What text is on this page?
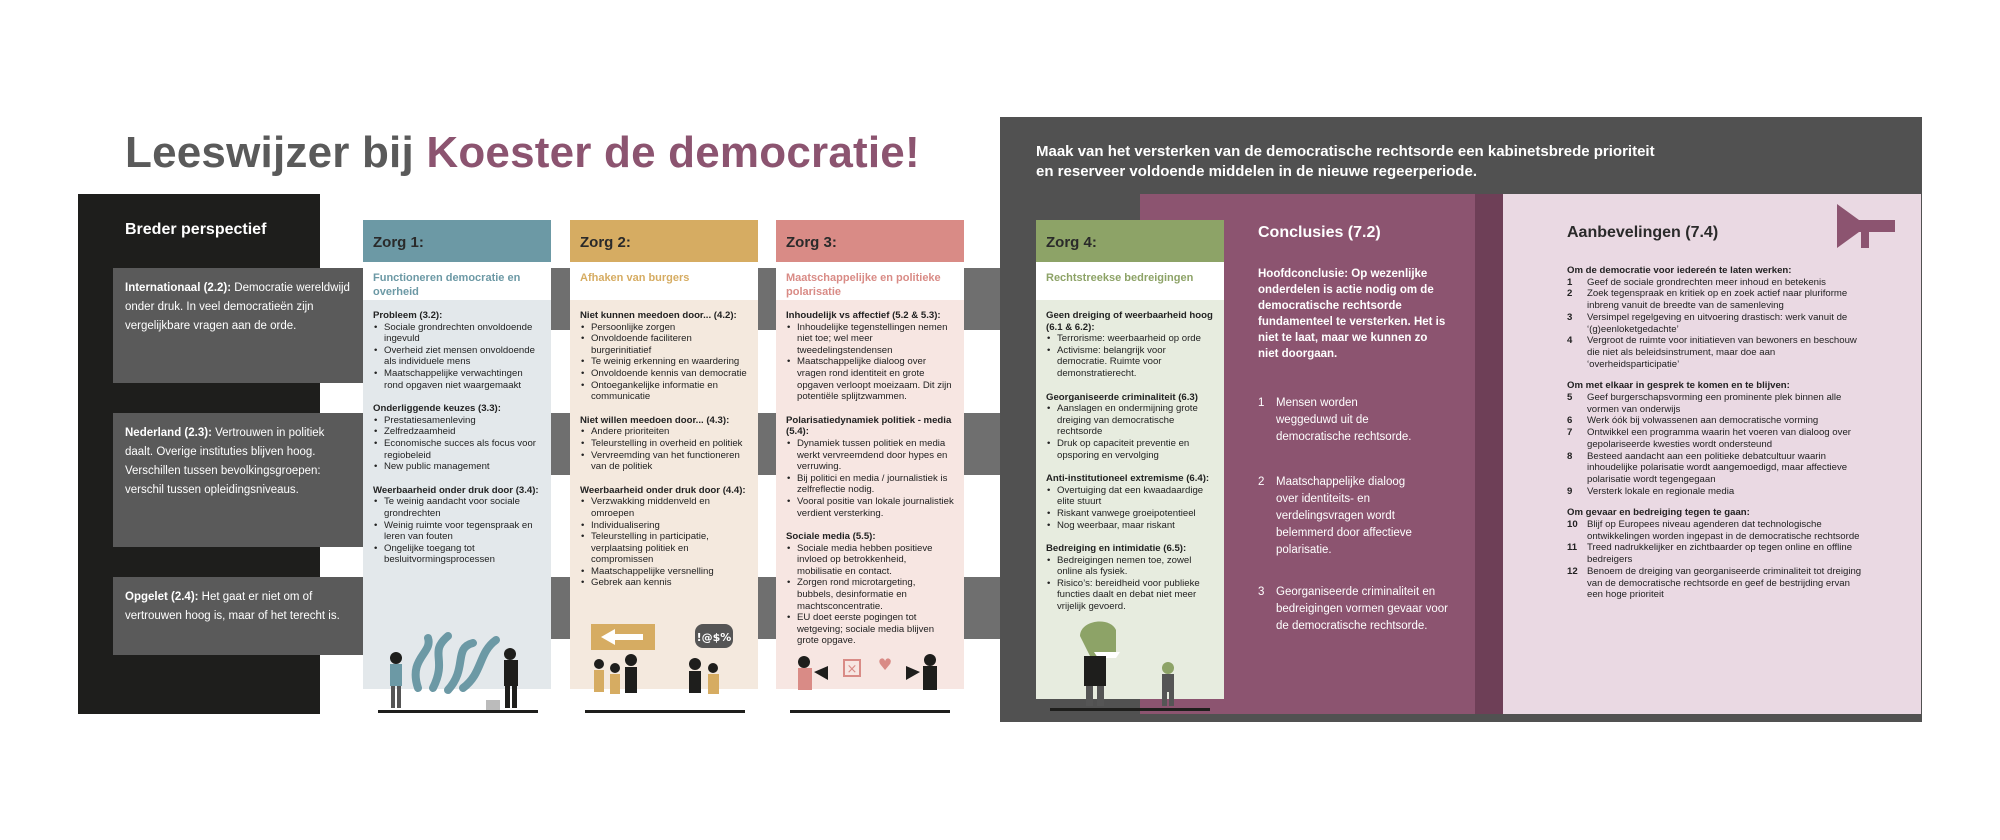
Leeswijzer bij Koester de democratie!
Breder perspectief
Internationaal (2.2): Democratie wereldwijd onder druk. In veel democratieën zijn vergelijkbare vragen aan de orde.
Nederland (2.3): Vertrouwen in politiek daalt. Overige instituties blijven hoog. Verschillen tussen bevolkingsgroepen: verschil tussen opleidingsniveaus.
Opgelet (2.4): Het gaat er niet om of vertrouwen hoog is, maar of het terecht is.
Maak van het versterken van de democratische rechtsorde een kabinetsbrede prioriteit en reserveer voldoende middelen in de nieuwe regeerperiode.
Aanbevelingen (7.4)
Om de democratie voor iedereén te laten werken:
1	Geef de sociale grondrechten meer inhoud en betekenis
2	Zoek tegenspraak en kritiek op en zoek actief naar pluriforme inbreng vanuit de breedte van de samenleving
3	Versimpel regelgeving en uitvoering drastisch: werk vanuit de ‘(g)eenloketgedachte’
4	Vergroot de ruimte voor initiatieven van bewoners en beschouw die niet als beleidsinstrument, maar doe aan ‘overheidsparticipatie’
Om met elkaar in gesprek te komen en te blijven:
5	Geef burgerschapsvorming een prominente plek binnen alle vormen van onderwijs
6	Werk óók bij volwassenen aan democratische vorming
7	Ontwikkel een programma waarin het voeren van dialoog over gepolariseerde kwesties wordt ondersteund
8	Besteed aandacht aan een politieke debatcultuur waarin inhoudelijke polarisatie wordt aangemoedigd, maar affectieve polarisatie wordt tegengegaan
9	Versterk lokale en regionale media
Om gevaar en bedreiging tegen te gaan:
10 Blijf op Europees niveau agenderen dat technologische ontwikkelingen worden ingepast in de democratische rechtsorde
11	Treed nadrukkelijker en zichtbaarder op tegen online en offline bedreigers
12 Benoem de dreiging van georganiseerde criminaliteit tot dreiging van de democratische rechtsorde en geef de bestrijding ervan een hoge prioriteit
Conclusies (7.2)
Hoofdconclusie: Op wezenlijke onderdelen is actie nodig om de democratische rechtsorde fundamenteel te versterken. Het is niet te laat, maar we kunnen zo niet doorgaan.
1	Mensen worden weggeduwd uit de democratische rechtsorde.
2	Maatschappelijke dialoog over identiteits- en verdelingsvragen wordt belemmerd door affectieve polarisatie.
3	Georganiseerde criminaliteit en bedreigingen vormen gevaar voor de democratische rechtsorde.
Zorg 1:
Functioneren democratie en overheid
Probleem (3.2):
• Sociale grondrechten onvoldoende ingevuld
• Overheid ziet mensen onvoldoende als individuele mens
• Maatschappelijke verwachtingen rond opgaven niet waargemaakt
Onderliggende keuzes (3.3):
• Prestatiesamenleving
• Zelfredzaamheid
• Economische succes als focus voor regiobeleid
• New public management
Weerbaarheid onder druk door (3.4):
• Te weinig aandacht voor sociale grondrechten
• Weinig ruimte voor tegenspraak en leren van fouten
• Ongelijke toegang tot besluitvormingsprocessen
Zorg 2:
Afhaken van burgers
Niet kunnen meedoen door... (4.2):
• Persoonlijke zorgen
• Onvoldoende faciliteren burgerinitiatief
• Te weinig erkenning en waardering
• Onvoldoende kennis van democratie
• Ontoegankelijke informatie en communicatie
Niet willen meedoen door... (4.3):
• Andere prioriteiten
• Teleurstelling in overheid en politiek
• Vervreemding van het functioneren van de politiek
Weerbaarheid onder druk door (4.4):
• Verzwakking middenveld en omroepen
• Individualisering
• Teleurstelling in participatie, verplaatsing politiek en compromissen
• Maatschappelijke versnelling
• Gebrek aan kennis
Zorg 3:
Maatschappelijke en politieke polarisatie
Inhoudelijk vs affectief (5.2 & 5.3):
• Inhoudelijke tegenstellingen nemen niet toe; wel meer tweedelingstendensen
• Maatschappelijke dialoog over vragen rond identiteit en grote opgaven verloopt moeizaam. Dit zijn potentiële splijtzwammen.
Polarisatiedynamiek politiek - media (5.4):
• Dynamiek tussen politiek en media werkt vervreemdend door hypes en verruwing.
• Bij politici en media / journalistiek is zelfreflectie nodig.
• Vooral positie van lokale journalistiek verdient versterking.
Sociale media (5.5):
• Sociale media hebben positieve invloed op betrokkenheid, mobilisatie en contact.
• Zorgen rond microtargeting, bubbels, desinformatie en machtsconcentratie.
• EU doet eerste pogingen tot wetgeving; sociale media blijven grote opgave.
Zorg 4:
Rechtstreekse bedreigingen
Geen dreiging of weerbaarheid hoog (6.1 & 6.2):
• Terrorisme: weerbaarheid op orde
• Activisme: belangrijk voor democratie. Ruimte voor demonstratierecht.
Georganiseerde criminaliteit (6.3)
• Aanslagen en ondermijning grote dreiging van democratische rechtsorde
• Druk op capaciteit preventie en opsporing en vervolging
Anti-institutioneel extremisme (6.4):
• Overtuiging dat een kwaadaardige elite stuurt
• Riskant vanwege groeipotentieel
• Nog weerbaar, maar riskant
Bedreiging en intimidatie (6.5):
• Bedreigingen nemen toe, zowel online als fysiek.
• Risico’s: bereidheid voor publieke functies daalt en debat niet meer vrijelijk gevoerd.
!@$%
× ♥
